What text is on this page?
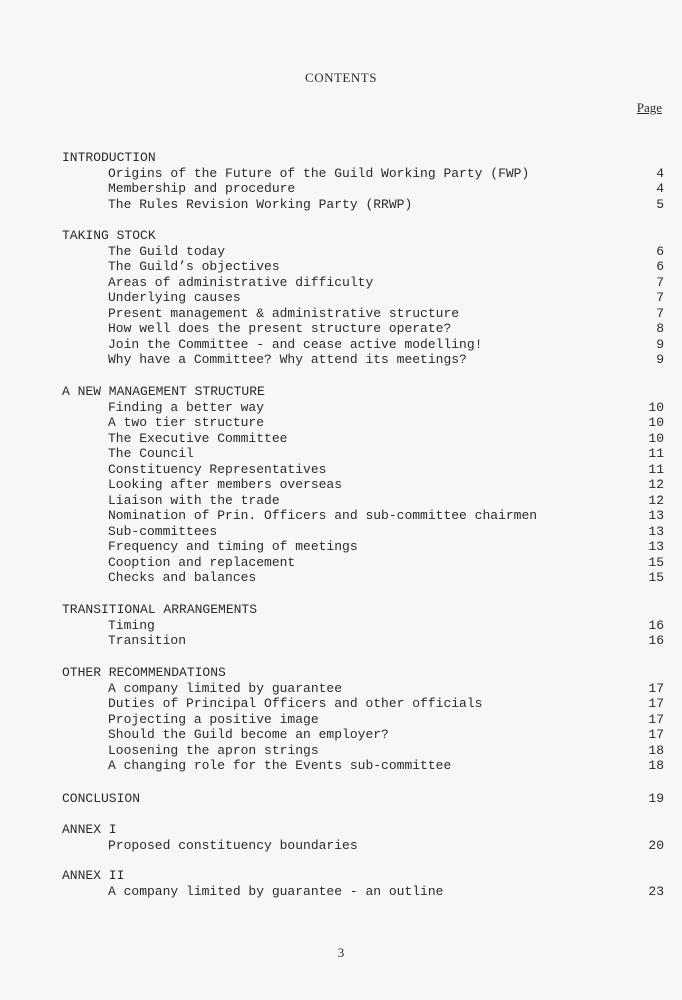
CONTENTS
Page
INTRODUCTION
Origins of the Future of the Guild Working Party (FWP)	4
Membership and procedure	4
The Rules Revision Working Party (RRWP)	5
TAKING STOCK
The Guild today	6
The Guild’s objectives	6
Areas of administrative difficulty	7
Underlying causes	7
Present management & administrative structure	7
How well does the present structure operate?	8
Join the Committee - and cease active modelling!	9
Why have a Committee? Why attend its meetings?	9
A NEW MANAGEMENT STRUCTURE
Finding a better way	10
A two tier structure	10
The Executive Committee	10
The Council	11
Constituency Representatives	11
Looking after members overseas	12
Liaison with the trade	12
Nomination of Prin. Officers and sub-committee chairmen	13
Sub-committees	13
Frequency and timing of meetings	13
Cooption and replacement	15
Checks and balances	15
TRANSITIONAL ARRANGEMENTS
Timing	16
Transition	16
OTHER RECOMMENDATIONS
A company limited by guarantee	17
Duties of Principal Officers and other officials	17
Projecting a positive image	17
Should the Guild become an employer?	17
Loosening the apron strings	18
A changing role for the Events sub-committee	18
CONCLUSION	19
ANNEX I
Proposed constituency boundaries	20
ANNEX II
A company limited by guarantee - an outline	23
3
